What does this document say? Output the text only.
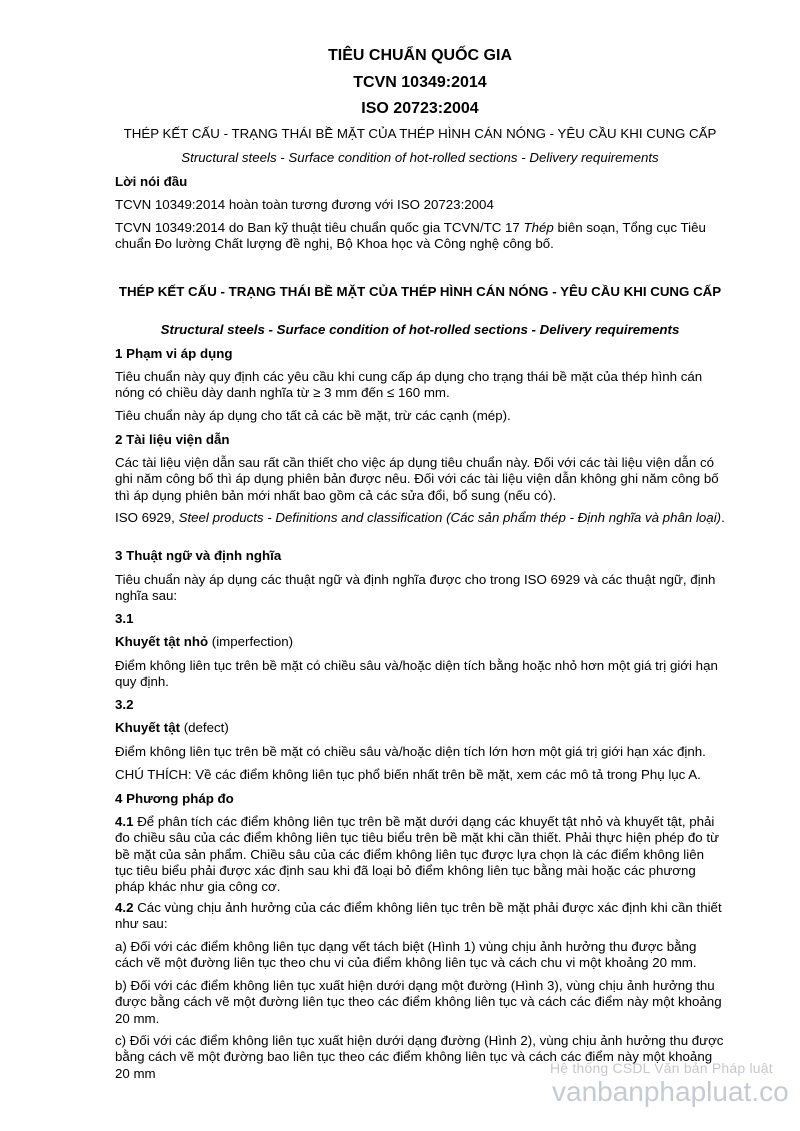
TIÊU CHUẨN QUỐC GIA
TCVN 10349:2014
ISO 20723:2004
THÉP KẾT CẤU - TRẠNG THÁI BỀ MẶT CỦA THÉP HÌNH CÁN NÓNG - YÊU CẦU KHI CUNG CẤP
Structural steels - Surface condition of hot-rolled sections - Delivery requirements
Lời nói đầu
TCVN 10349:2014 hoàn toàn tương đương với ISO 20723:2004
TCVN 10349:2014 do Ban kỹ thuật tiêu chuẩn quốc gia TCVN/TC 17 Thép biên soạn, Tổng cục Tiêu chuẩn Đo lường Chất lượng đề nghị, Bộ Khoa học và Công nghệ công bố.
THÉP KẾT CẤU - TRẠNG THÁI BỀ MẶT CỦA THÉP HÌNH CÁN NÓNG - YÊU CẦU KHI CUNG CẤP
Structural steels - Surface condition of hot-rolled sections - Delivery requirements
1 Phạm vi áp dụng
Tiêu chuẩn này quy định các yêu cầu khi cung cấp áp dụng cho trạng thái bề mặt của thép hình cán nóng có chiều dày danh nghĩa từ ≥ 3 mm đến ≤ 160 mm.
Tiêu chuẩn này áp dụng cho tất cả các bề mặt, trừ các cạnh (mép).
2 Tài liệu viện dẫn
Các tài liệu viện dẫn sau rất cần thiết cho việc áp dụng tiêu chuẩn này. Đối với các tài liệu viện dẫn có ghi năm công bố thì áp dụng phiên bản được nêu. Đối với các tài liệu viện dẫn không ghi năm công bố thì áp dụng phiên bản mới nhất bao gồm cả các sửa đổi, bổ sung (nếu có).
ISO 6929, Steel products - Definitions and classification (Các sản phẩm thép - Định nghĩa và phân loại).
3 Thuật ngữ và định nghĩa
Tiêu chuẩn này áp dụng các thuật ngữ và định nghĩa được cho trong ISO 6929 và các thuật ngữ, định nghĩa sau:
3.1
Khuyết tật nhỏ (imperfection)
Điểm không liên tục trên bề mặt có chiều sâu và/hoặc diện tích bằng hoặc nhỏ hơn một giá trị giới hạn quy định.
3.2
Khuyết tật (defect)
Điểm không liên tục trên bề mặt có chiều sâu và/hoặc diện tích lớn hơn một giá trị giới hạn xác định.
CHÚ THÍCH: Về các điểm không liên tục phổ biến nhất trên bề mặt, xem các mô tả trong Phụ lục A.
4 Phương pháp đo
4.1 Để phân tích các điểm không liên tục trên bề mặt dưới dạng các khuyết tật nhỏ và khuyết tật, phải đo chiều sâu của các điểm không liên tục tiêu biểu trên bề mặt khi cần thiết. Phải thực hiện phép đo từ bề mặt của sản phẩm. Chiều sâu của các điểm không liên tục được lựa chọn là các điểm không liên tục tiêu biểu phải được xác định sau khi đã loại bỏ điểm không liên tục bằng mài hoặc các phương pháp khác như gia công cơ.
4.2 Các vùng chịu ảnh hưởng của các điểm không liên tục trên bề mặt phải được xác định khi cần thiết như sau:
a) Đối với các điểm không liên tục dạng vết tách biệt (Hình 1) vùng chịu ảnh hưởng thu được bằng cách vẽ một đường liên tục theo chu vi của điểm không liên tục và cách chu vi một khoảng 20 mm.
b) Đối với các điểm không liên tục xuất hiện dưới dạng một đường (Hình 3), vùng chịu ảnh hưởng thu được bằng cách vẽ một đường liên tục theo các điểm không liên tục và cách các điểm này một khoảng 20 mm.
c) Đối với các điểm không liên tục xuất hiện dưới dạng đường (Hình 2), vùng chịu ảnh hưởng thu được bằng cách vẽ một đường bao liên tục theo các điểm không liên tục và cách các điểm này một khoảng 20 mm	Hệ thống CSDL Văn bản Pháp luật
vanbanphapluat.co
